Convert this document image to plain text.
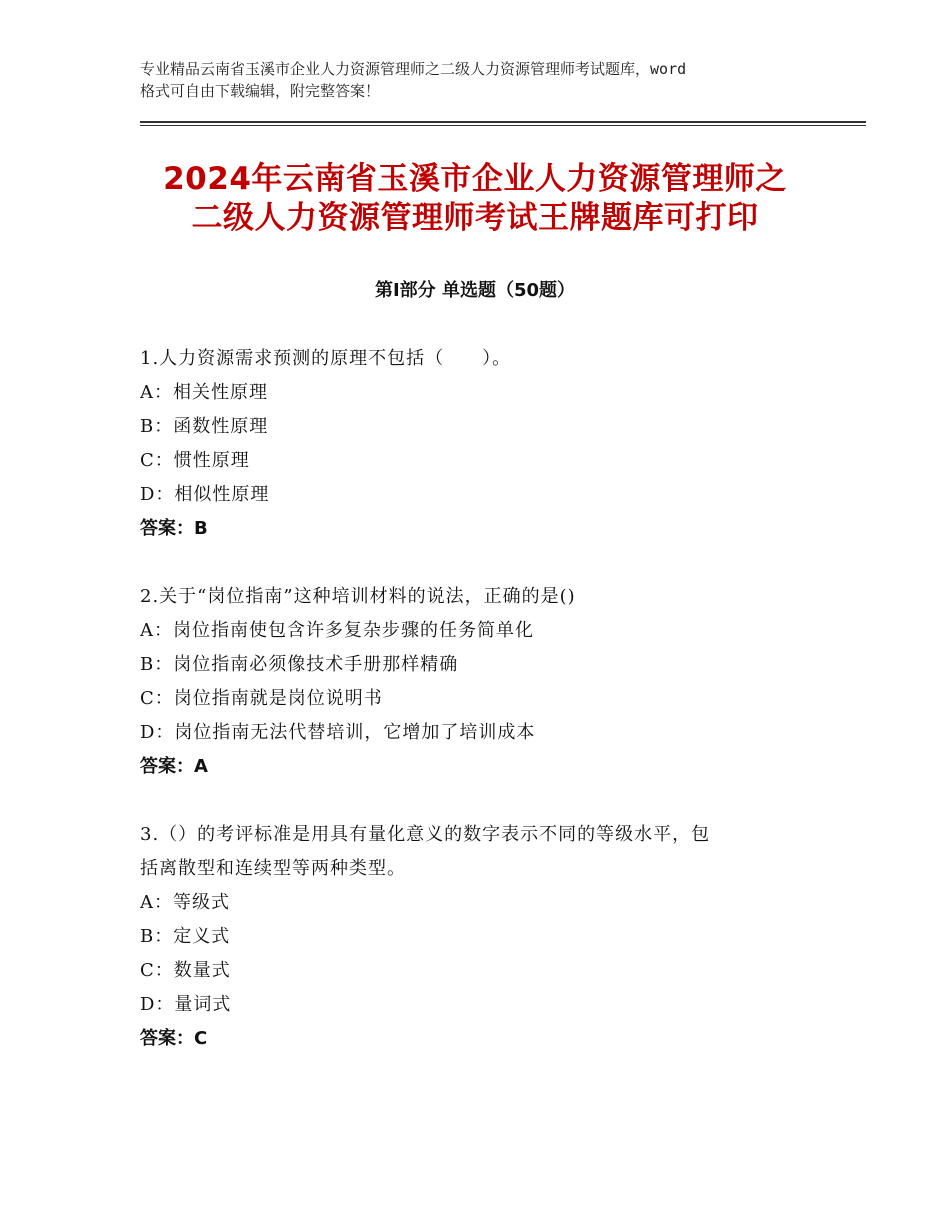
专业精品云南省玉溪市企业人力资源管理师之二级人力资源管理师考试题库，word
格式可自由下载编辑，附完整答案！
2024年云南省玉溪市企业人力资源管理师之
二级人力资源管理师考试王牌题库可打印
第Ⅰ部分 单选题（50题）
1.人力资源需求预测的原理不包括（　　）。
A：相关性原理
B：函数性原理
C：惯性原理
D：相似性原理
答案：B
2.关于“岗位指南”这种培训材料的说法，正确的是()
A：岗位指南使包含许多复杂步骤的任务简单化
B：岗位指南必须像技术手册那样精确
C：岗位指南就是岗位说明书
D：岗位指南无法代替培训，它增加了培训成本
答案：A
3.（）的考评标准是用具有量化意义的数字表示不同的等级水平，包
括离散型和连续型等两种类型。
A：等级式
B：定义式
C：数量式
D：量词式
答案：C
